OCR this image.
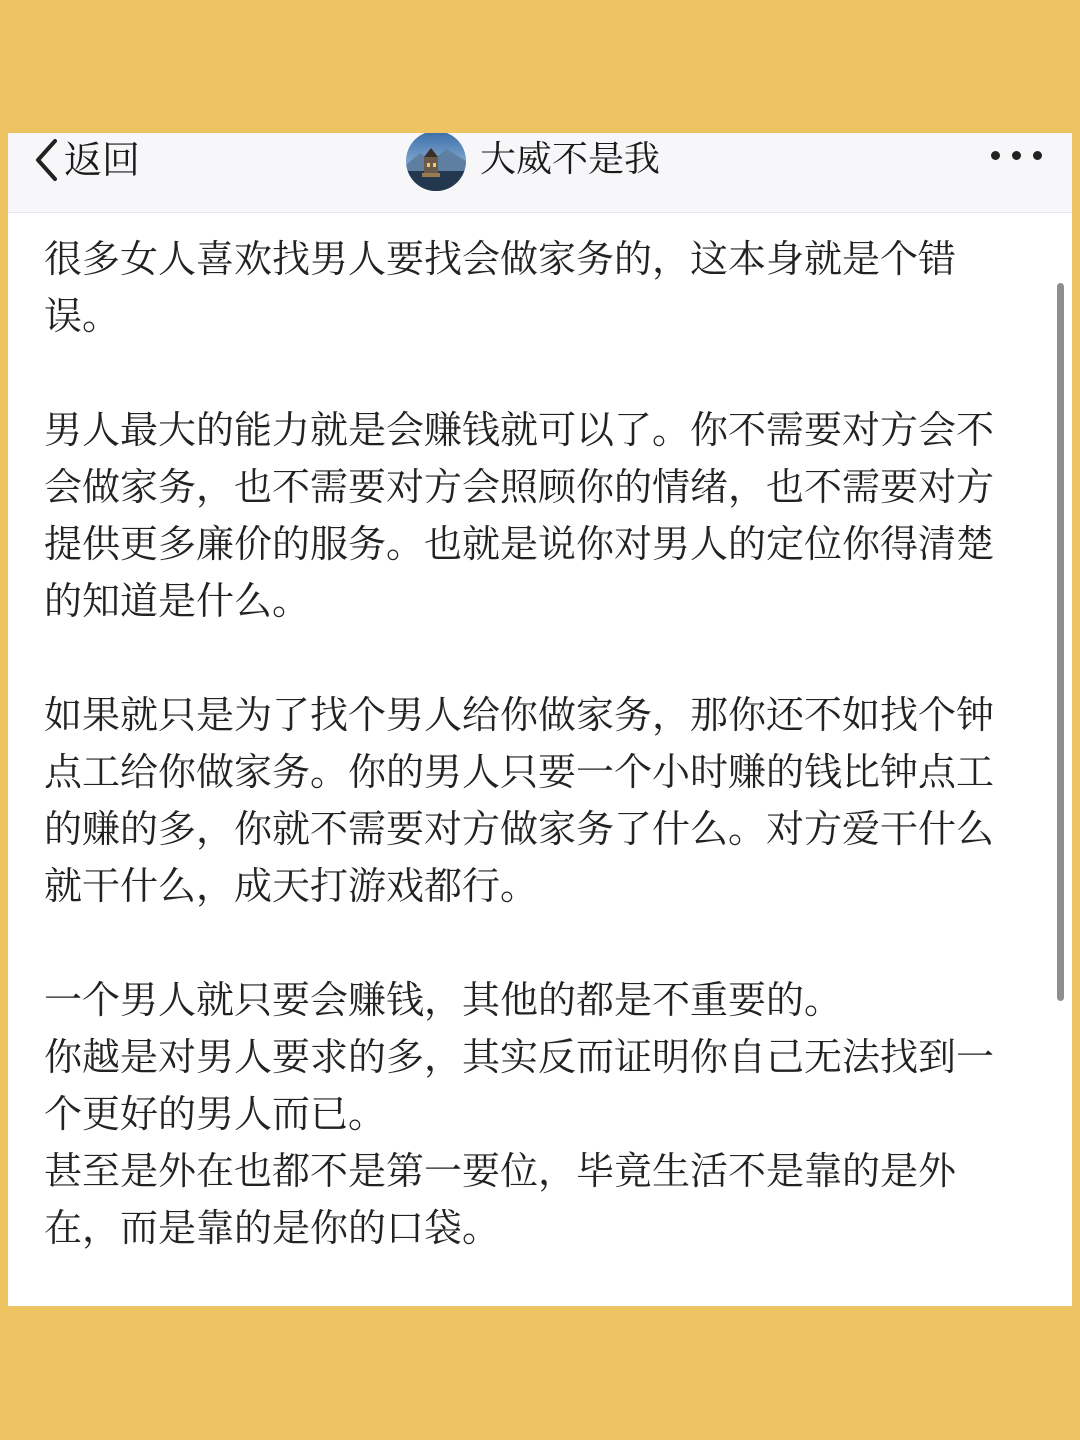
返回	大威不是我

很多女人喜欢找男人要找会做家务的，这本身就是个错误。

男人最大的能力就是会赚钱就可以了。你不需要对方会不会做家务，也不需要对方会照顾你的情绪，也不需要对方提供更多廉价的服务。也就是说你对男人的定位你得清楚的知道是什么。

如果就只是为了找个男人给你做家务，那你还不如找个钟点工给你做家务。你的男人只要一个小时赚的钱比钟点工的赚的多，你就不需要对方做家务了什么。对方爱干什么就干什么，成天打游戏都行。

一个男人就只要会赚钱，其他的都是不重要的。
你越是对男人要求的多，其实反而证明你自己无法找到一个更好的男人而已。
甚至是外在也都不是第一要位，毕竟生活不是靠的是外在，而是靠的是你的口袋。
